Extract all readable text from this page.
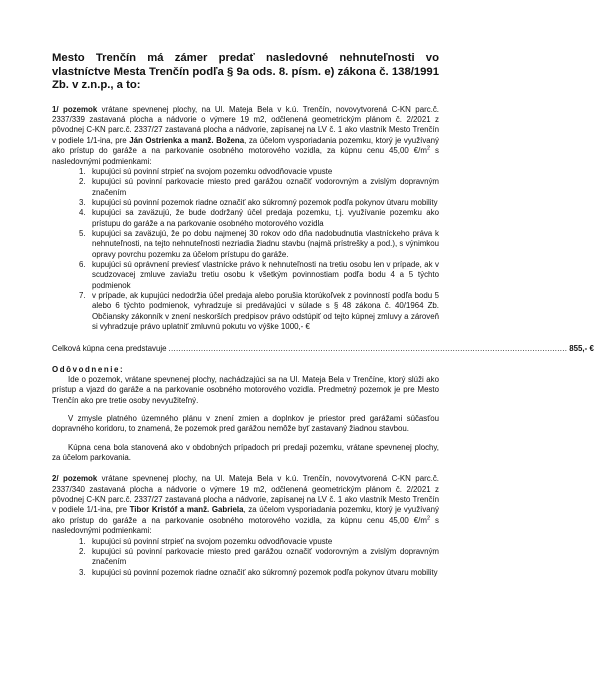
Mesto Trenčín má zámer predať nasledovné nehnuteľnosti vo vlastníctve Mesta Trenčín podľa § 9a ods. 8. písm. e) zákona č. 138/1991 Zb. v z.n.p., a to:

1/ pozemok vrátane spevnenej plochy, na Ul. Mateja Bela v k.ú. Trenčín, novovytvorená C-KN parc.č. 2337/339 zastavaná plocha a nádvorie o výmere 19 m2, odčlenená geometrickým plánom č. 2/2021 z pôvodnej C-KN parc.č. 2337/27 zastavaná plocha a nádvorie, zapísanej na LV č. 1 ako vlastník Mesto Trenčín v podiele 1/1-ina, pre Ján Ostrienka a manž. Božena, za účelom vysporiadania pozemku, ktorý je využívaný ako prístup do garáže a na parkovanie osobného motorového vozidla, za kúpnu cenu 45,00 $€/m^2$ s nasledovnými podmienkami:

1. kupujúci sú povinní strpieť na svojom pozemku odvodňovacie vpuste
2. kupujúci sú povinní parkovacie miesto pred garážou označiť vodorovným a zvislým dopravným značením
3. kupujúci sú povinní pozemok riadne označiť ako súkromný pozemok podľa pokynov útvaru mobility
4. kupujúci sa zaväzujú, že bude dodržaný účel predaja pozemku, t.j. využívanie pozemku ako prístupu do garáže a na parkovanie osobného motorového vozidla
5. kupujúci sa zaväzujú, že po dobu najmenej 30 rokov odo dňa nadobudnutia vlastníckeho práva k nehnuteľnosti, na tejto nehnuteľnosti nezriadia žiadnu stavbu (najmä prístrešky a pod.), s výnimkou opravy povrchu pozemku za účelom prístupu do garáže.
6. kupujúci sú oprávnení previesť vlastnícke právo k nehnuteľnosti na tretiu osobu len v prípade, ak v scudzovacej zmluve zaviažu tretiu osobu k všetkým povinnostiam podľa bodu 4 a 5 týchto podmienok
7. v prípade, ak kupujúci nedodržia účel predaja alebo porušia ktorúkoľvek z povinností podľa bodu 5 alebo 6 týchto podmienok, vyhradzuje si predávajúci v súlade s § 48 zákona č. 40/1964 Zb. Občiansky zákonník v znení neskorších predpisov právo odstúpiť od tejto kúpnej zmluvy a zároveň si vyhradzuje právo uplatniť zmluvnú pokutu vo výške 1000,- €
Celková kúpna cena predstavuje ................................................................................................................................................................ 855,- €

Odôvodnenie:

Ide o pozemok, vrátane spevnenej plochy, nachádzajúci sa na Ul. Mateja Bela v Trenčíne, ktorý slúži ako prístup a vjazd do garáže a na parkovanie osobného motorového vozidla. Predmetný pozemok je pre Mesto Trenčín ako pre tretie osoby nevyužiteľný.

V zmysle platného územného plánu v znení zmien a doplnkov je priestor pred garážami súčasťou dopravného koridoru, to znamená, že pozemok pred garážou nemôže byť zastavaný žiadnou stavbou.

Kúpna cena bola stanovená ako v obdobných prípadoch pri predaji pozemku, vrátane spevnenej plochy, za účelom parkovania.

2/ pozemok vrátane spevnenej plochy, na Ul. Mateja Bela v k.ú. Trenčín, novovytvorená C-KN parc.č. 2337/340 zastavaná plocha a nádvorie o výmere 19 m2, odčlenená geometrickým plánom č. 2/2021 z pôvodnej C-KN parc.č. 2337/27 zastavaná plocha a nádvorie, zapísanej na LV č. 1 ako vlastník Mesto Trenčín v podiele 1/1-ina, pre Tibor Kristóf a manž. Gabriela, za účelom vysporiadania pozemku, ktorý je využívaný ako prístup do garáže a na parkovanie osobného motorového vozidla, za kúpnu cenu 45,00 $€/m^2$ s nasledovnými podmienkami:

1. kupujúci sú povinní strpieť na svojom pozemku odvodňovacie vpuste
2. kupujúci sú povinní parkovacie miesto pred garážou označiť vodorovným a zvislým dopravným značením
3. kupujúci sú povinní pozemok riadne označiť ako súkromný pozemok podľa pokynov útvaru mobility
